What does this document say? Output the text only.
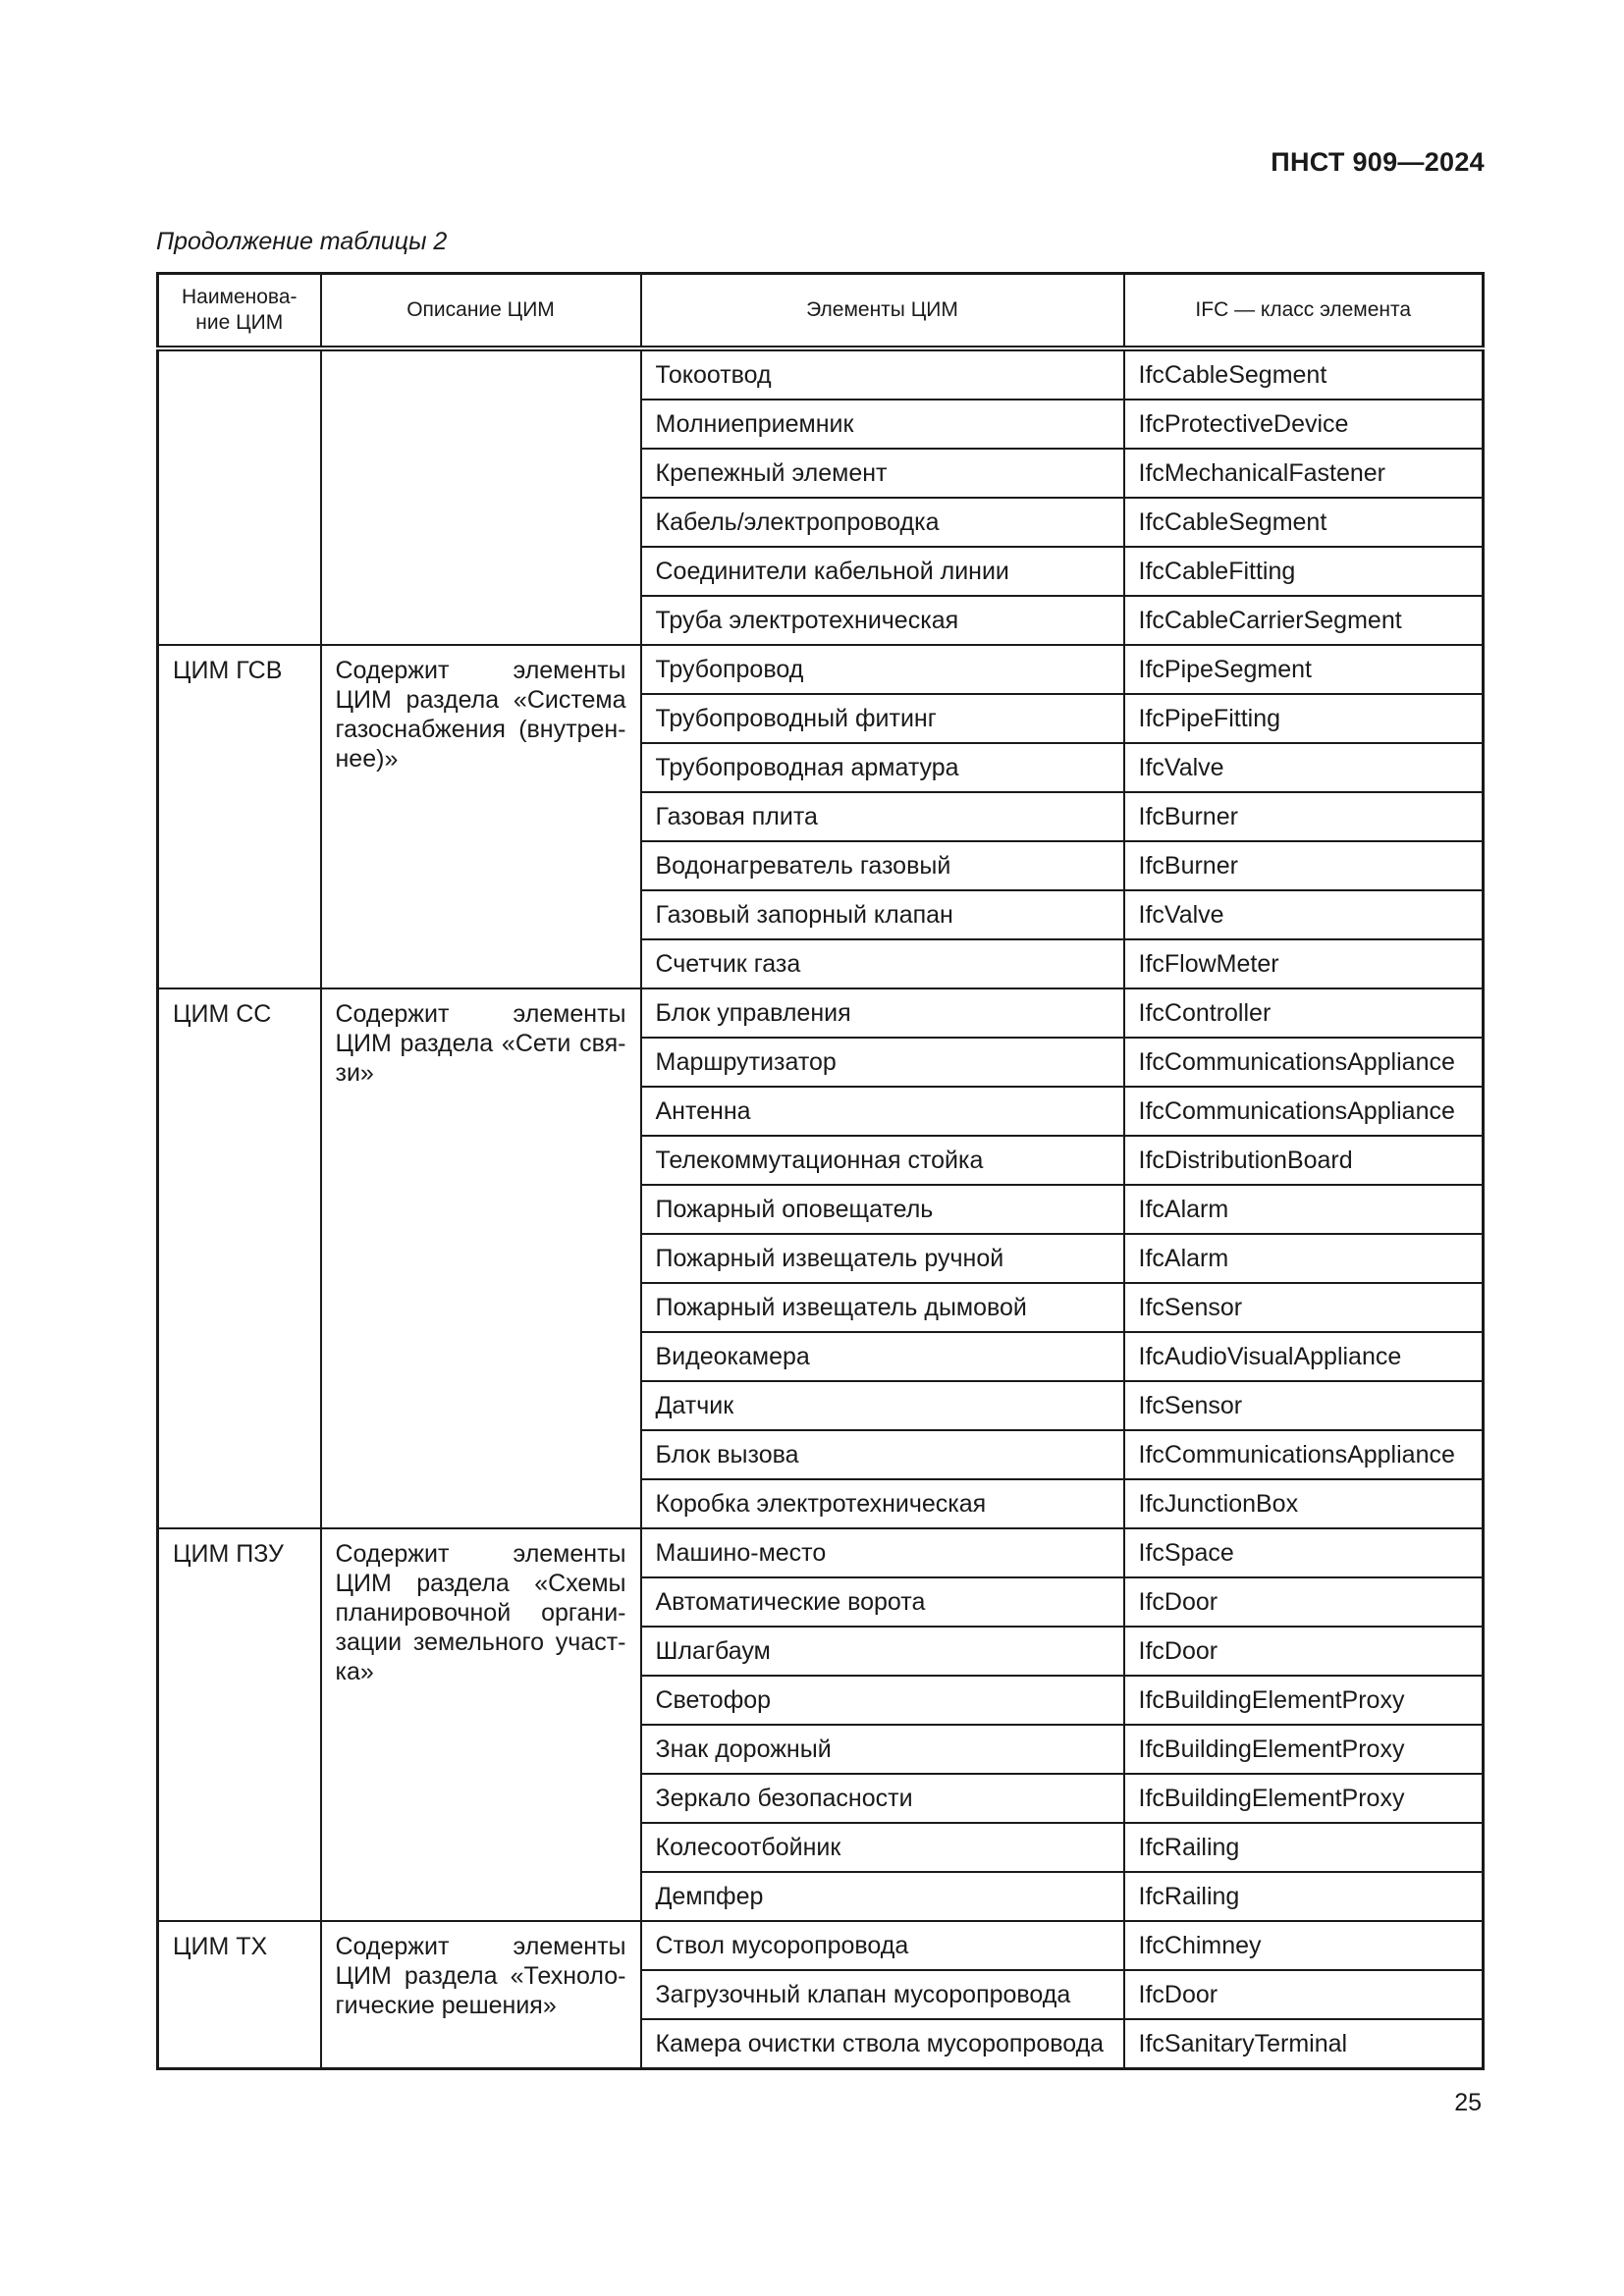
ПНСТ 909—2024
Продолжение таблицы 2
Наименова-ние ЦИМ	Описание ЦИМ	Элементы ЦИМ	IFC — класс элемента
		Токоотвод	IfcCableSegment
		Молниеприемник	IfcProtectiveDevice
		Крепежный элемент	IfcMechanicalFastener
		Кабель/электропроводка	IfcCableSegment
		Соединители кабельной линии	IfcCableFitting
		Труба электротехническая	IfcCableCarrierSegment
ЦИМ ГСВ	Содержит элементы ЦИМ раздела «Система газоснабжения (внутрен-нее)»	Трубопровод	IfcPipeSegment
		Трубопроводный фитинг	IfcPipeFitting
		Трубопроводная арматура	IfcValve
		Газовая плита	IfcBurner
		Водонагреватель газовый	IfcBurner
		Газовый запорный клапан	IfcValve
		Счетчик газа	IfcFlowMeter
ЦИМ СС	Содержит элементы ЦИМ раздела «Сети свя-зи»	Блок управления	IfcController
		Маршрутизатор	IfcCommunicationsAppliance
		Антенна	IfcCommunicationsAppliance
		Телекоммутационная стойка	IfcDistributionBoard
		Пожарный оповещатель	IfcAlarm
		Пожарный извещатель ручной	IfcAlarm
		Пожарный извещатель дымовой	IfcSensor
		Видеокамера	IfcAudioVisualAppliance
		Датчик	IfcSensor
		Блок вызова	IfcCommunicationsAppliance
		Коробка электротехническая	IfcJunctionBox
ЦИМ ПЗУ	Содержит элементы ЦИМ раздела «Схемы планировочной органи-зации земельного участ-ка»	Машино-место	IfcSpace
		Автоматические ворота	IfcDoor
		Шлагбаум	IfcDoor
		Светофор	IfcBuildingElementProxy
		Знак дорожный	IfcBuildingElementProxy
		Зеркало безопасности	IfcBuildingElementProxy
		Колесоотбойник	IfcRailing
		Демпфер	IfcRailing
ЦИМ ТХ	Содержит элементы ЦИМ раздела «Техноло-гические решения»	Ствол мусоропровода	IfcChimney
		Загрузочный клапан мусоропровода	IfcDoor
		Камера очистки ствола мусоропровода	IfcSanitaryTerminal
25
